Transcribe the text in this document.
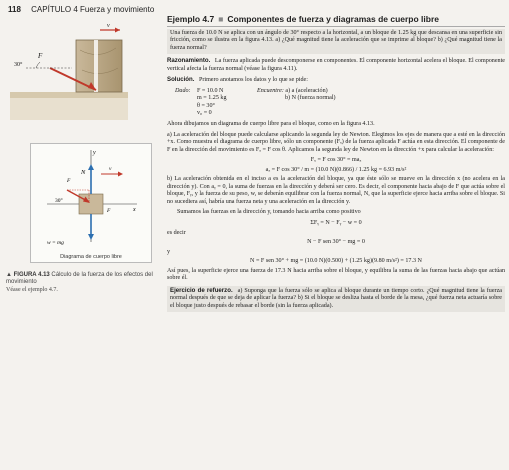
118 CAPÍTULO 4 Fuerza y movimiento
F
30°
v
y
x
N
w = mg
30°
F
F
v
Diagrama de cuerpo libre
▲ FIGURA 4.13 Cálculo de la fuerza de los efectos del movimiento
Véase el ejemplo 4.7.
Ejemplo 4.7 ■ Componentes de fuerza y diagramas de cuerpo libre
Una fuerza de 10.0 N se aplica con un ángulo de 30° respecto a la horizontal, a un bloque de 1.25 kg que descansa en una superficie sin fricción, como se ilustra en la figura 4.13. a) ¿Qué magnitud tiene la aceleración que se imprime al bloque? b) ¿Qué magnitud tiene la fuerza normal?
Razonamiento. La fuerza aplicada puede descomponerse en componentes. El componente horizontal acelera el bloque. El componente vertical afecta la fuerza normal (véase la figura 4.11).
Solución. Primero anotamos los datos y lo que se pide:
Dado:	F = 10.0 N	Encuentre: a) a (aceleración)
m = 1.25 kg	b) N (fuerza normal)
θ = 30°
v₀ = 0
Ahora dibujamos un diagrama de cuerpo libre para el bloque, como en la figura 4.13.
a) La aceleración del bloque puede calcularse aplicando la segunda ley de Newton. Elegimos los ejes de manera que a esté en la dirección +x. Como muestra el diagrama de cuerpo libre, sólo un componente (Fₓ) de la fuerza aplicada F actúa en esta dirección. El componente de F en la dirección del movimiento es Fₓ = F cos θ. Aplicamos la segunda ley de Newton en la dirección +x para calcular la aceleración:
Fₓ = F cos 30° = maₓ
aₓ = F cos 30° / m = (10.0 N)(0.866) / 1.25 kg = 6.93 m/s²
b) La aceleración obtenida en el inciso a es la aceleración del bloque, ya que éste sólo se mueve en la dirección x (no acelera en la dirección y). Con aᵧ = 0, la suma de fuerzas en la dirección y deberá ser cero. Es decir, el componente hacia abajo de F que actúa sobre el bloque, Fᵧ, y la fuerza de su peso, w, se deberán equilibrar con la fuerza normal, N, que la superficie ejerce hacia arriba sobre el bloque. Si no sucediera así, habría una fuerza neta y una aceleración en la dirección y.
Sumamos las fuerzas en la dirección y, tomando hacia arriba como positivo
ΣFᵧ = N − Fᵧ − w = 0
es decir
N − F sen 30° − mg = 0
y
N = F sen 30° + mg = (10.0 N)(0.500) + (1.25 kg)(9.80 m/s²) = 17.3 N
Así pues, la superficie ejerce una fuerza de 17.3 N hacia arriba sobre el bloque, y equilibra la suma de las fuerzas hacia abajo que actúan sobre él.
Ejercicio de refuerzo. a) Suponga que la fuerza sólo se aplica al bloque durante un tiempo corto. ¿Qué magnitud tiene la fuerza normal después de que se deja de aplicar la fuerza? b) Si el bloque se desliza hasta el borde de la mesa, ¿qué fuerza neta actuaría sobre el bloque justo después de rebasar el borde (sin la fuerza aplicada).
